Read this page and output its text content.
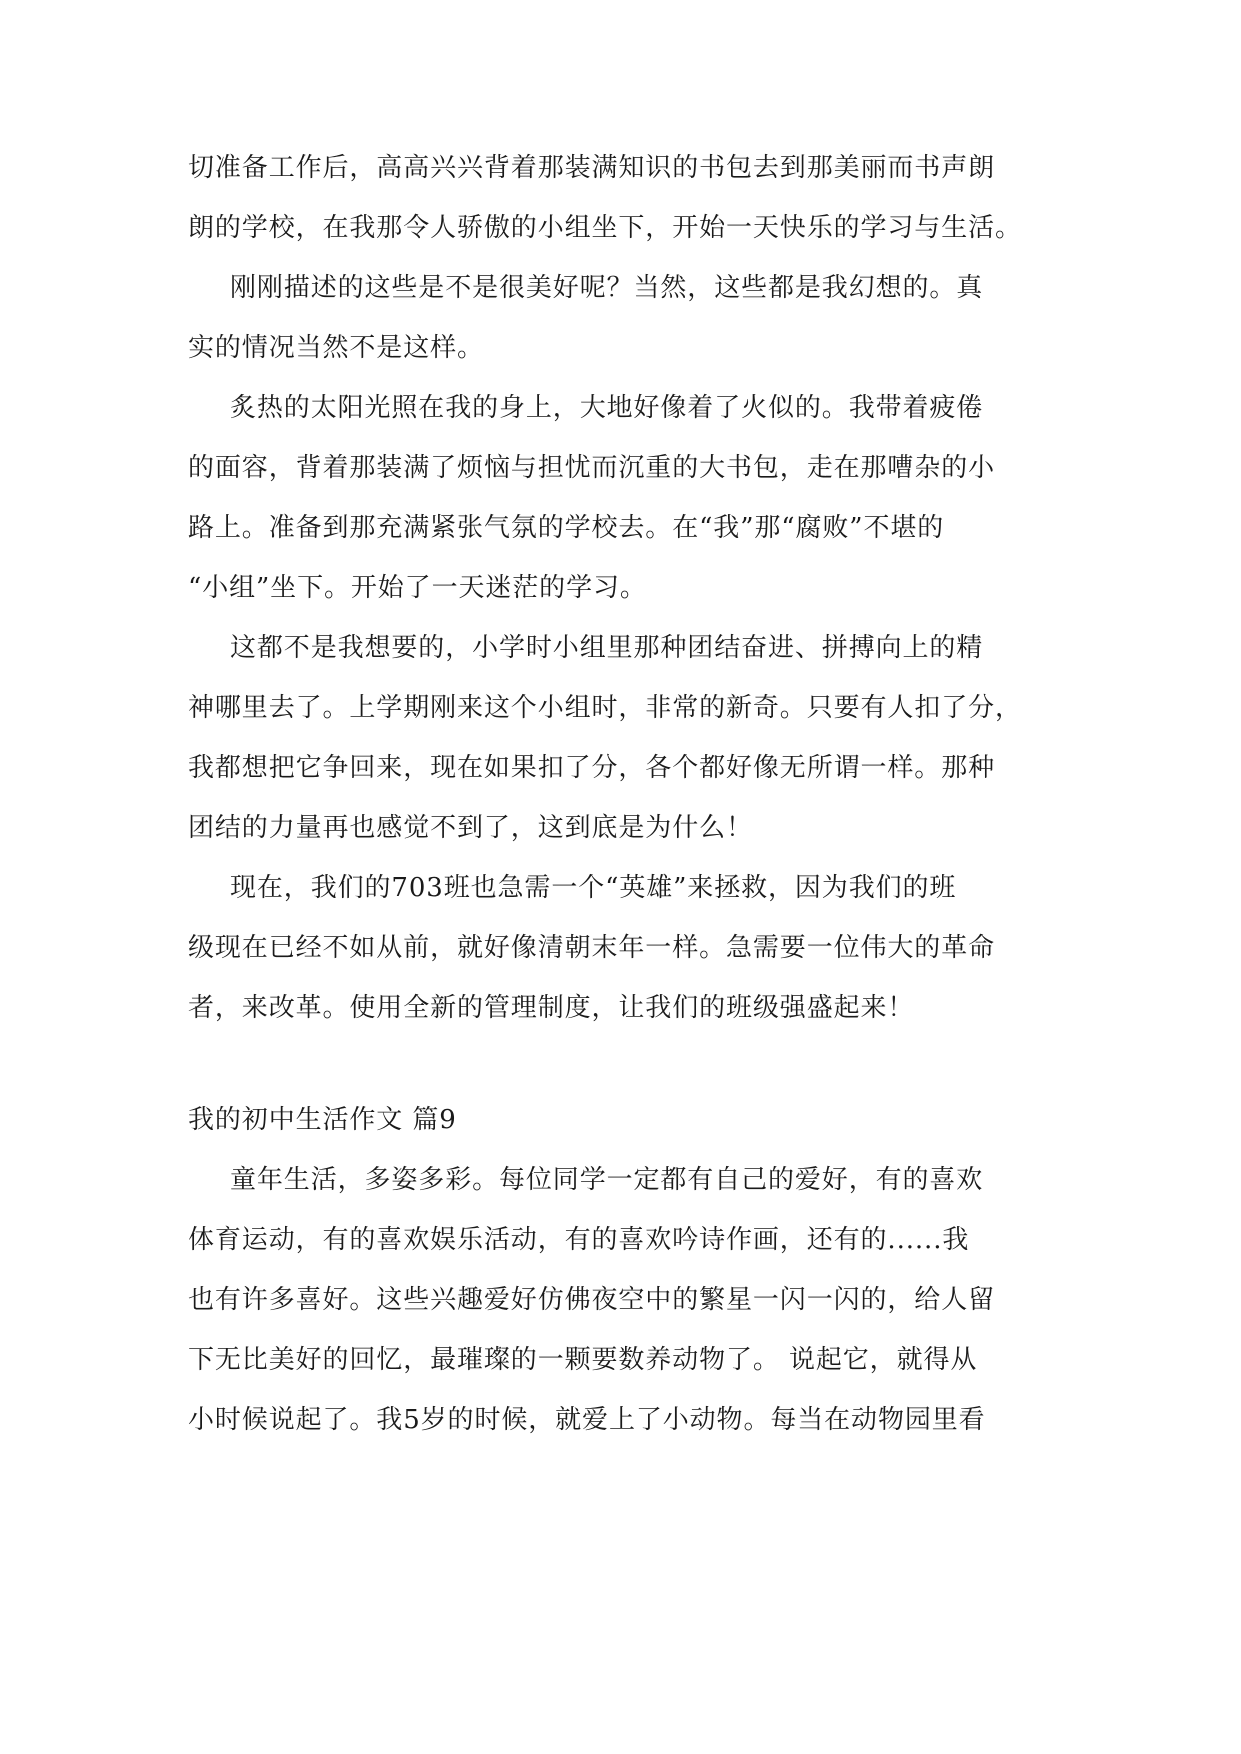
切准备工作后，高高兴兴背着那装满知识的书包去到那美丽而书声朗

朗的学校，在我那令人骄傲的小组坐下，开始一天快乐的学习与生活。

刚刚描述的这些是不是很美好呢？当然，这些都是我幻想的。真

实的情况当然不是这样。

炙热的太阳光照在我的身上，大地好像着了火似的。我带着疲倦

的面容，背着那装满了烦恼与担忧而沉重的大书包，走在那嘈杂的小

路上。准备到那充满紧张气氛的学校去。在“我”那“腐败”不堪的

“小组”坐下。开始了一天迷茫的学习。

这都不是我想要的，小学时小组里那种团结奋进、拼搏向上的精

神哪里去了。上学期刚来这个小组时，非常的新奇。只要有人扣了分，

我都想把它争回来，现在如果扣了分，各个都好像无所谓一样。那种

团结的力量再也感觉不到了，这到底是为什么！

现在，我们的703班也急需一个“英雄”来拯救，因为我们的班

级现在已经不如从前，就好像清朝末年一样。急需要一位伟大的革命

者，来改革。使用全新的管理制度，让我们的班级强盛起来！

我的初中生活作文 篇9

童年生活，多姿多彩。每位同学一定都有自己的爱好，有的喜欢

体育运动，有的喜欢娱乐活动，有的喜欢吟诗作画，还有的......我

也有许多喜好。这些兴趣爱好仿佛夜空中的繁星一闪一闪的，给人留

下无比美好的回忆，最璀璨的一颗要数养动物了。 说起它，就得从

小时候说起了。我5岁的时候，就爱上了小动物。每当在动物园里看
